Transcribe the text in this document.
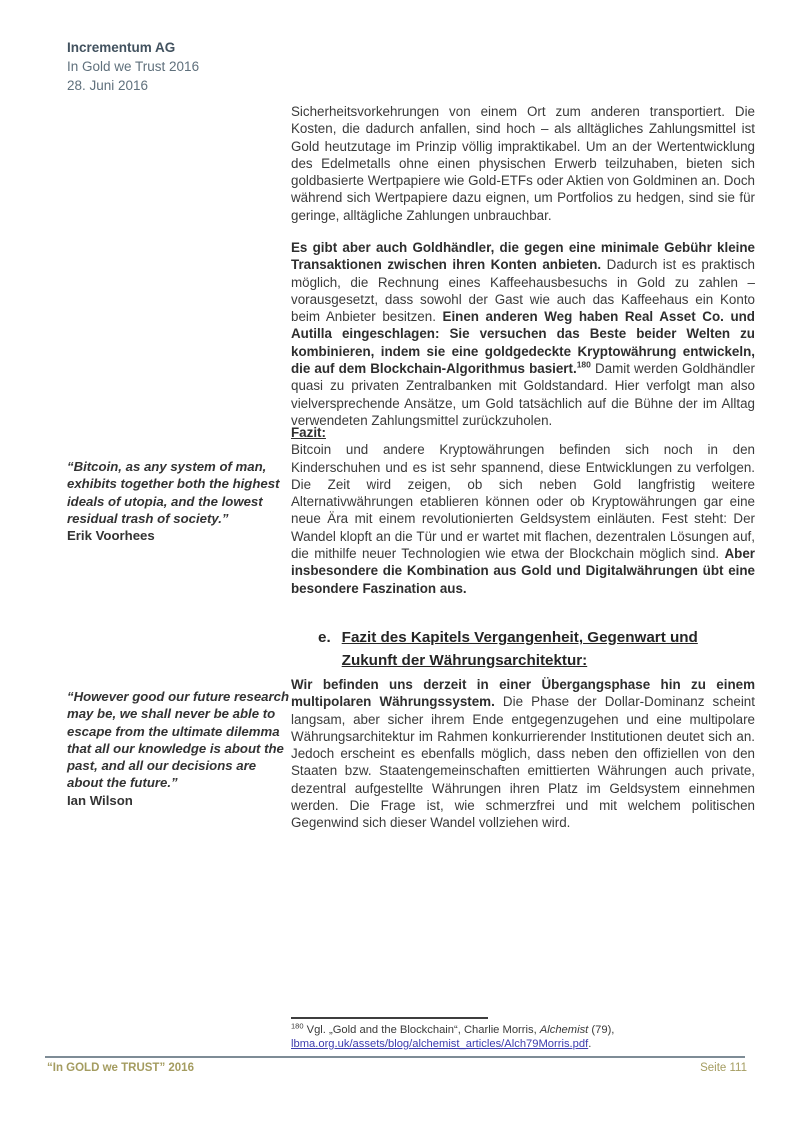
Incrementum AG
In Gold we Trust 2016
28. Juni 2016
“Bitcoin, as any system of man, exhibits together both the highest ideals of utopia, and the lowest residual trash of society.”
Erik Voorhees
“However good our future research may be, we shall never be able to escape from the ultimate dilemma that all our knowledge is about the past, and all our decisions are about the future.”
Ian Wilson

Sicherheitsvorkehrungen von einem Ort zum anderen transportiert. Die Kosten, die dadurch anfallen, sind hoch – als alltägliches Zahlungsmittel ist Gold heutzutage im Prinzip völlig impraktikabel. Um an der Wertentwicklung des Edelmetalls ohne einen physischen Erwerb teilzuhaben, bieten sich goldbasierte Wertpapiere wie Gold-ETFs oder Aktien von Goldminen an. Doch während sich Wertpapiere dazu eignen, um Portfolios zu hedgen, sind sie für geringe, alltägliche Zahlungen unbrauchbar.

Es gibt aber auch Goldhändler, die gegen eine minimale Gebühr kleine Transaktionen zwischen ihren Konten anbieten. Dadurch ist es praktisch möglich, die Rechnung eines Kaffeehausbesuchs in Gold zu zahlen – vorausgesetzt, dass sowohl der Gast wie auch das Kaffeehaus ein Konto beim Anbieter besitzen. Einen anderen Weg haben Real Asset Co. und Autilla eingeschlagen: Sie versuchen das Beste beider Welten zu kombinieren, indem sie eine goldgedeckte Kryptowährung entwickeln, die auf dem Blockchain-Algorithmus basiert.$^{180}$ Damit werden Goldhändler quasi zu privaten Zentralbanken mit Goldstandard. Hier verfolgt man also vielversprechende Ansätze, um Gold tatsächlich auf die Bühne der im Alltag verwendeten Zahlungsmittel zurückzuholen.

Fazit:
Bitcoin und andere Kryptowährungen befinden sich noch in den Kinderschuhen und es ist sehr spannend, diese Entwicklungen zu verfolgen. Die Zeit wird zeigen, ob sich neben Gold langfristig weitere Alternativwährungen etablieren können oder ob Kryptowährungen gar eine neue Ära mit einem revolutionierten Geldsystem einläuten. Fest steht: Der Wandel klopft an die Tür und er wartet mit flachen, dezentralen Lösungen auf, die mithilfe neuer Technologien wie etwa der Blockchain möglich sind. Aber insbesondere die Kombination aus Gold und Digitalwährungen übt eine besondere Faszination aus.
e. Fazit des Kapitels Vergangenheit, Gegenwart und Zukunft der Währungsarchitektur:

Wir befinden uns derzeit in einer Übergangsphase hin zu einem multipolaren Währungssystem. Die Phase der Dollar-Dominanz scheint langsam, aber sicher ihrem Ende entgegenzugehen und eine multipolare Währungsarchitektur im Rahmen konkurrierender Institutionen deutet sich an. Jedoch erscheint es ebenfalls möglich, dass neben den offiziellen von den Staaten bzw. Staatengemeinschaften emittierten Währungen auch private, dezentral aufgestellte Währungen ihren Platz im Geldsystem einnehmen werden. Die Frage ist, wie schmerzfrei und mit welchem politischen Gegenwind sich dieser Wandel vollziehen wird.

$^{180}$ Vgl. „Gold and the Blockchain“, Charlie Morris, Alchemist (79),
lbma.org.uk/assets/blog/alchemist_articles/Alch79Morris.pdf.
“In GOLD we TRUST” 2016	Seite 111
